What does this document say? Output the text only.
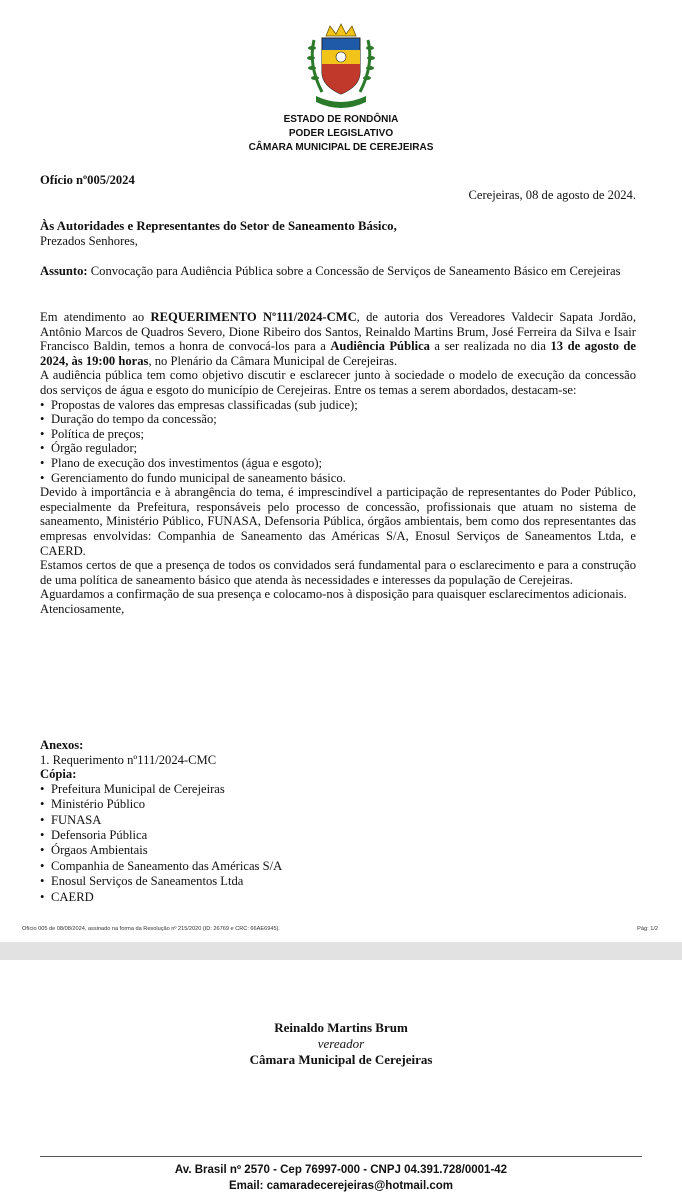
ESTADO DE RONDÔNIA
PODER LEGISLATIVO
CÂMARA MUNICIPAL DE CEREJEIRAS
Ofício nº005/2024
Cerejeiras, 08 de agosto de 2024.
Às Autoridades e Representantes do Setor de Saneamento Básico,
Prezados Senhores,
Assunto: Convocação para Audiência Pública sobre a Concessão de Serviços de Saneamento Básico em Cerejeiras

Em atendimento ao REQUERIMENTO Nº111/2024-CMC, de autoria dos Vereadores Valdecir Sapata Jordão, Antônio Marcos de Quadros Severo, Dione Ribeiro dos Santos, Reinaldo Martins Brum, José Ferreira da Silva e Isair Francisco Baldin, temos a honra de convocá-los para a Audiência Pública a ser realizada no dia 13 de agosto de 2024, às 19:00 horas, no Plenário da Câmara Municipal de Cerejeiras.

A audiência pública tem como objetivo discutir e esclarecer junto à sociedade o modelo de execução da concessão dos serviços de água e esgoto do município de Cerejeiras. Entre os temas a serem abordados, destacam-se:

• Propostas de valores das empresas classificadas (sub judice);
• Duração do tempo da concessão;
• Política de preços;
• Órgão regulador;
• Plano de execução dos investimentos (água e esgoto);
• Gerenciamento do fundo municipal de saneamento básico.

Devido à importância e à abrangência do tema, é imprescindível a participação de representantes do Poder Público, especialmente da Prefeitura, responsáveis pelo processo de concessão, profissionais que atuam no sistema de saneamento, Ministério Público, FUNASA, Defensoria Pública, órgãos ambientais, bem como dos representantes das empresas envolvidas: Companhia de Saneamento das Américas S/A, Enosul Serviços de Saneamentos Ltda, e CAERD.

Estamos certos de que a presença de todos os convidados será fundamental para o esclarecimento e para a construção de uma política de saneamento básico que atenda às necessidades e interesses da população de Cerejeiras.

Aguardamos a confirmação de sua presença e colocamo-nos à disposição para quaisquer esclarecimentos adicionais.

Atenciosamente,

Anexos:
1. Requerimento nº111/2024-CMC
Cópia:
• Prefeitura Municipal de Cerejeiras
• Ministério Público
• FUNASA
• Defensoria Pública
• Órgaos Ambientais
• Companhia de Saneamento das Américas S/A
• Enosul Serviços de Saneamentos Ltda
• CAERD
Ofício 005 de 08/08/2024, assinado na forma da Resolução nº 215/2020 (ID: 26769 e CRC: 66AE6945).	Pág: 1/2
Reinaldo Martins Brum
vereador
Câmara Municipal de Cerejeiras
Av. Brasil nº 2570 - Cep 76997-000 - CNPJ 04.391.728/0001-42
Email: camaradecerejeiras@hotmail.com
